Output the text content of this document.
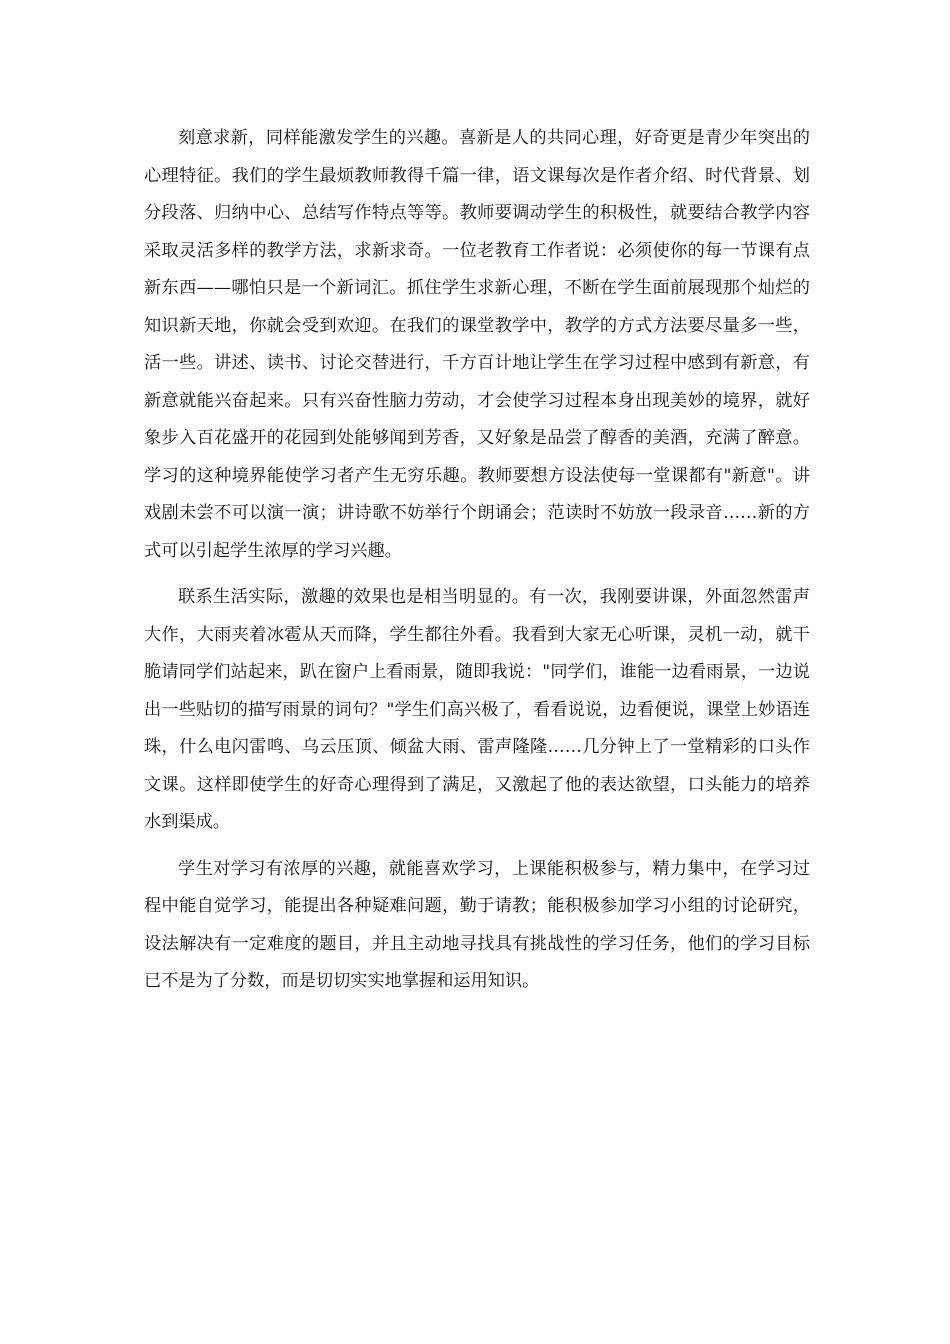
刻意求新，同样能激发学生的兴趣。喜新是人的共同心理，好奇更是青少年突出的心理特征。我们的学生最烦教师教得千篇一律，语文课每次是作者介绍、时代背景、划分段落、归纳中心、总结写作特点等等。教师要调动学生的积极性，就要结合教学内容采取灵活多样的教学方法，求新求奇。一位老教育工作者说：必须使你的每一节课有点新东西——哪怕只是一个新词汇。抓住学生求新心理，不断在学生面前展现那个灿烂的知识新天地，你就会受到欢迎。在我们的课堂教学中，教学的方式方法要尽量多一些，活一些。讲述、读书、讨论交替进行，千方百计地让学生在学习过程中感到有新意，有新意就能兴奋起来。只有兴奋性脑力劳动，才会使学习过程本身出现美妙的境界，就好象步入百花盛开的花园到处能够闻到芳香，又好象是品尝了醇香的美酒，充满了醉意。学习的这种境界能使学习者产生无穷乐趣。教师要想方设法使每一堂课都有"新意"。讲戏剧未尝不可以演一演；讲诗歌不妨举行个朗诵会；范读时不妨放一段录音……新的方式可以引起学生浓厚的学习兴趣。

联系生活实际，激趣的效果也是相当明显的。有一次，我刚要讲课，外面忽然雷声大作，大雨夹着冰雹从天而降，学生都往外看。我看到大家无心听课，灵机一动，就干脆请同学们站起来，趴在窗户上看雨景，随即我说："同学们，谁能一边看雨景，一边说出一些贴切的描写雨景的词句？"学生们高兴极了，看看说说，边看便说，课堂上妙语连珠，什么电闪雷鸣、乌云压顶、倾盆大雨、雷声隆隆……几分钟上了一堂精彩的口头作文课。这样即使学生的好奇心理得到了满足，又激起了他的表达欲望，口头能力的培养水到渠成。

学生对学习有浓厚的兴趣，就能喜欢学习，上课能积极参与，精力集中，在学习过程中能自觉学习，能提出各种疑难问题，勤于请教；能积极参加学习小组的讨论研究，设法解决有一定难度的题目，并且主动地寻找具有挑战性的学习任务，他们的学习目标已不是为了分数，而是切切实实地掌握和运用知识。
